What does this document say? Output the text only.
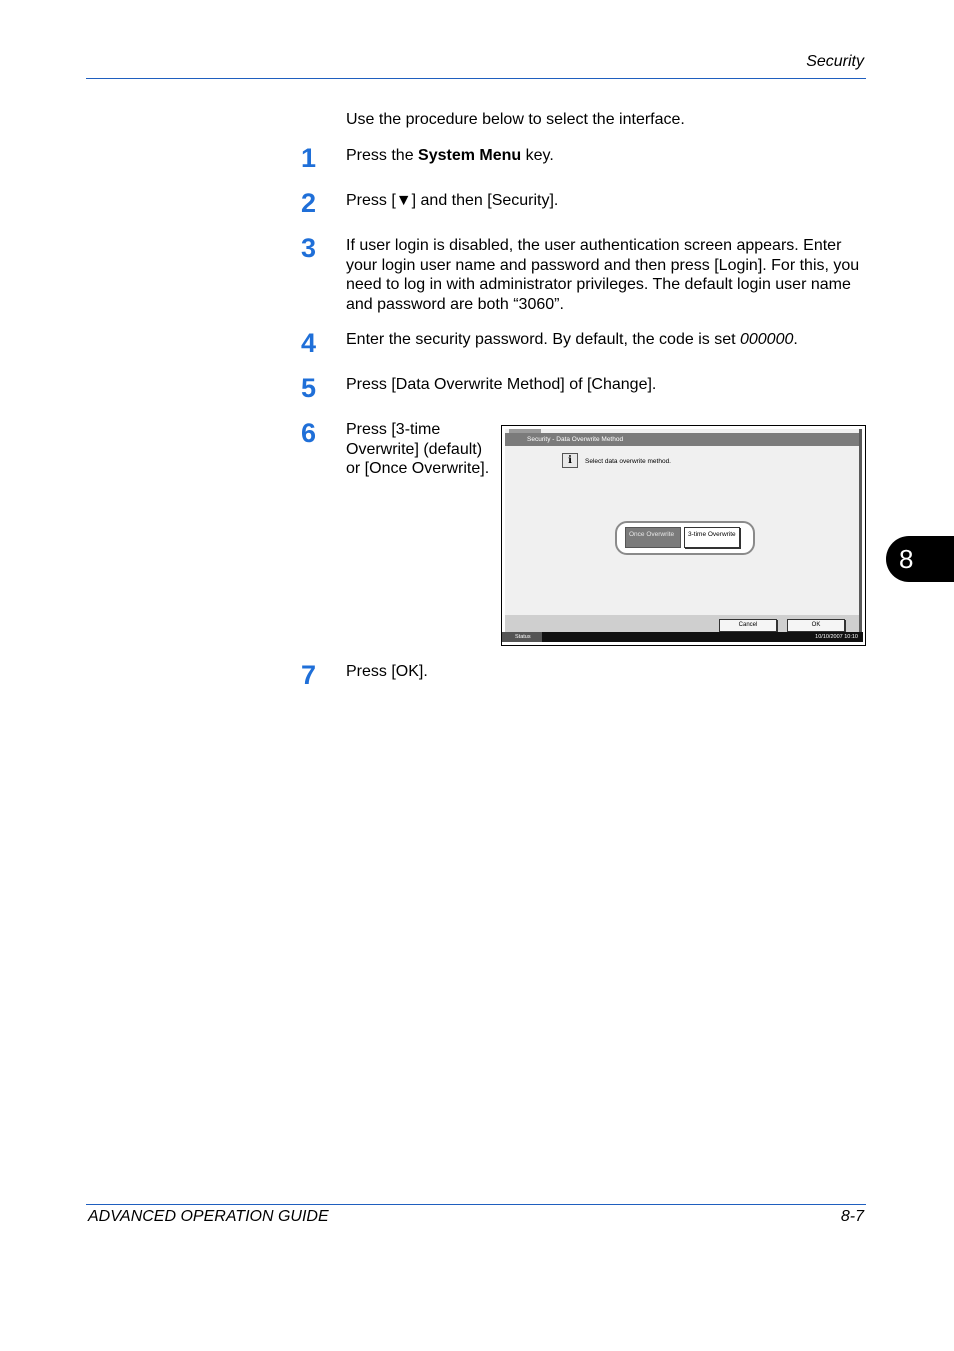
Security
Use the procedure below to select the interface.
1 Press the System Menu key.
2 Press [▼] and then [Security].
3 If user login is disabled, the user authentication screen appears. Enter your login user name and password and then press [Login]. For this, you need to log in with administrator privileges. The default login user name and password are both “3060”.
4 Enter the security password. By default, the code is set 000000.
5 Press [Data Overwrite Method] of [Change].
6 Press [3-time Overwrite] (default) or [Once Overwrite].
Security - Data Overwrite Method
i	Select data overwrite method.
Once Overwrite	3-time Overwrite
Cancel	OK
Status	10/10/2007 10:10
7 Press [OK].
8
ADVANCED OPERATION GUIDE	8-7
